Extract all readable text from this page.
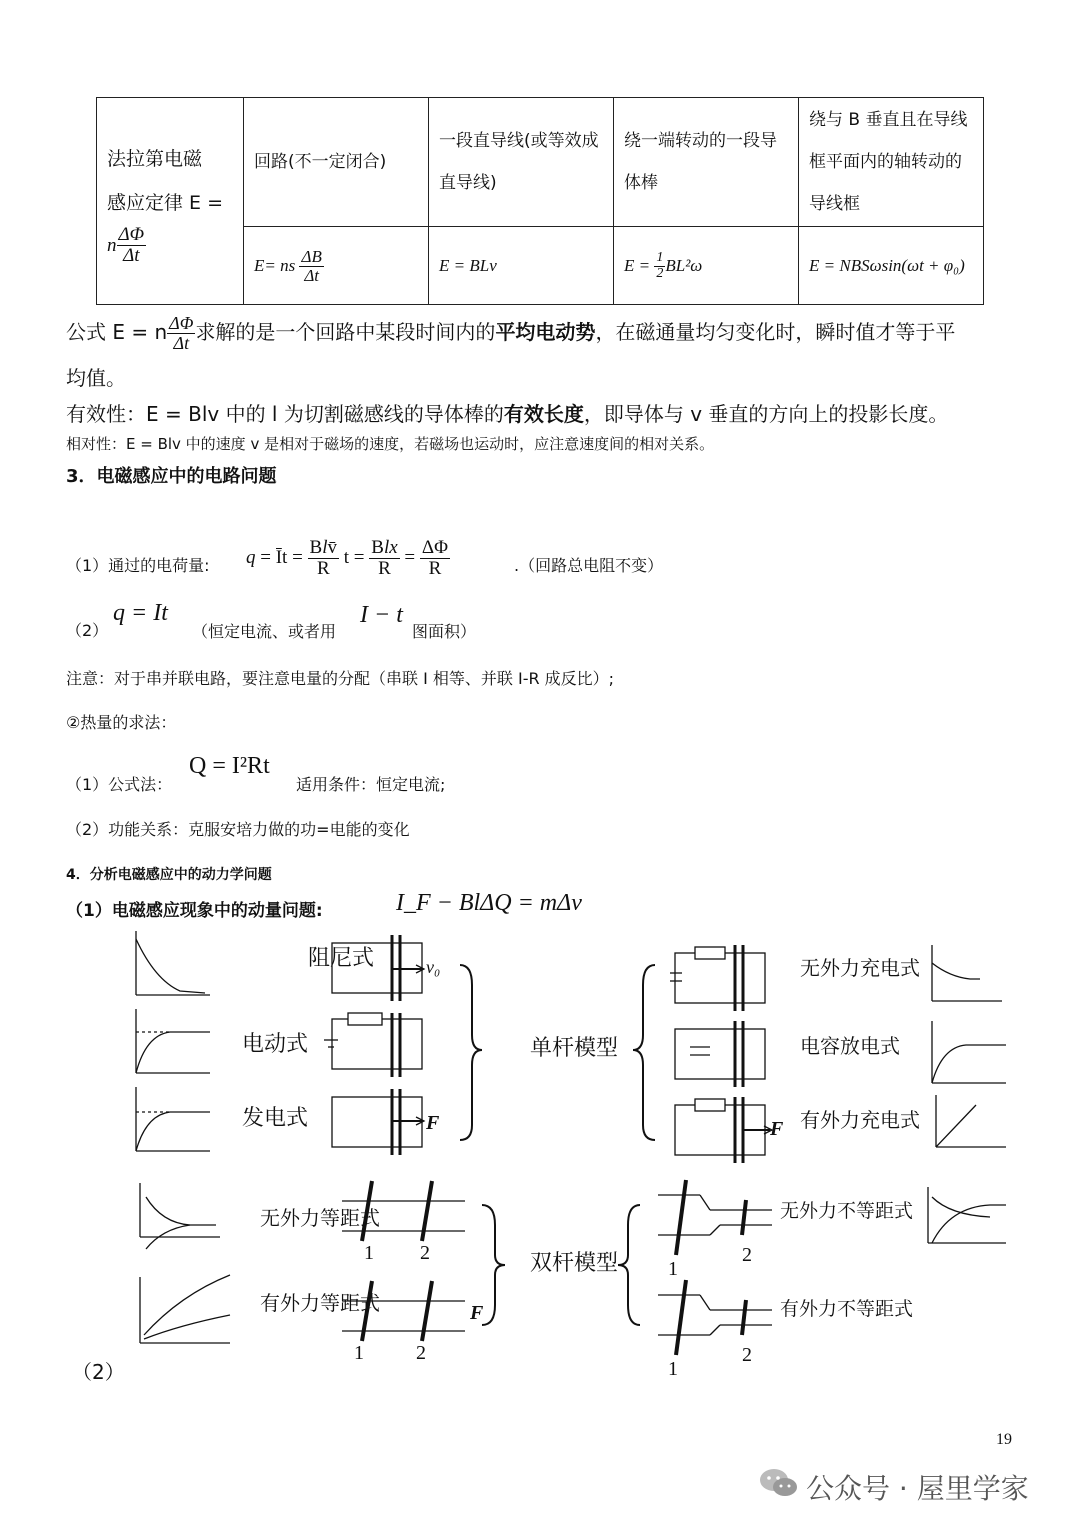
法拉第电磁
感应定律 E =
n $\frac{\Delta\Phi}{\Delta t}$	回路(不一定闭合)	一段直导线(或等效成直导线)	绕一端转动的一段导体棒	绕与 B 垂直且在导线框平面内的轴转动的导线框
	E= ns $\frac{\Delta B}{\Delta t}$	E = BLv	$E = \frac{1}{2} BL^2\omega$	E = NBSωsin(ωt + φ₀)
公式 E = n $\frac{\Delta\Phi}{\Delta t}$ 求解的是一个回路中某段时间内的平均电动势，在磁通量均匀变化时，瞬时值才等于平
均值。
有效性：E = Blv 中的 l 为切割磁感线的导体棒的有效长度，即导体与 v 垂直的方向上的投影长度。
相对性：E = Blv 中的速度 v 是相对于磁场的速度，若磁场也运动时，应注意速度间的相对关系。
3．电磁感应中的电路问题
（1）通过的电荷量: q = Īt = $\frac{\text{Blv̄}}{R}$ $t = \frac{\text{Blx}}{R} = \frac{\Delta\Phi}{R}$	.（回路总电阻不变）
（2）
q = It
（恒定电流、或者用
I − t
图面积）
注意：对于串并联电路，要注意电量的分配（串联 I 相等、并联 I-R 成反比）;
②热量的求法：
（1）公式法：
Q = I²Rt
适用条件：恒定电流;
（2）功能关系：克服安培力做的功=电能的变化
4．分析电磁感应中的动力学问题
（1）电磁感应现象中的动量问题:	I_F − BlΔQ = mΔv
阻尼式
电动式
发电式
单杆模型
无外力充电式
电容放电式
有外力充电式
无外力等距式
有外力等距式
双杆模型
无外力不等距式
有外力不等距式
1 2
1	2
1
2
1
2
v₀
F	F
F
（2）
19
公众号 · 屋里学家
